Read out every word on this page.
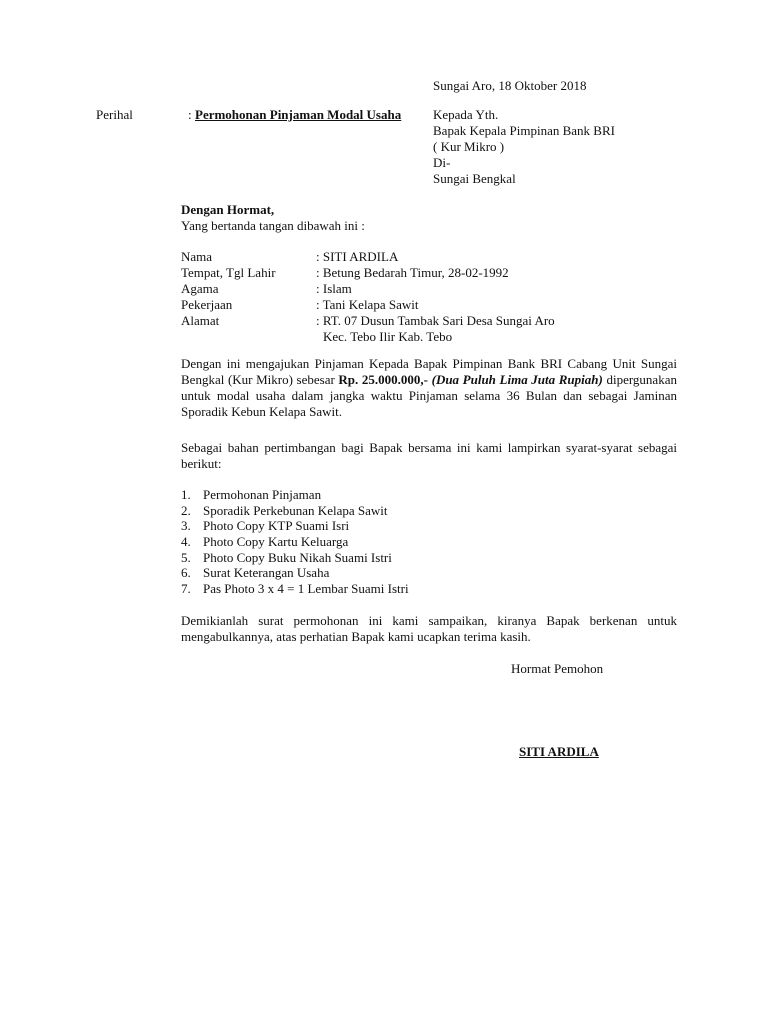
Sungai Aro, 18 Oktober 2018
Perihal	: Permohonan Pinjaman Modal Usaha Kepada Yth.
Bapak Kepala Pimpinan Bank BRI
( Kur Mikro )
Di-
Sungai Bengkal
Dengan Hormat,
Yang bertanda tangan dibawah ini :
Nama
Tempat, Tgl Lahir
Agama
Pekerjaan
Alamat
: SITI ARDILA
: Betung Bedarah Timur, 28-02-1992
: Islam
: Tani Kelapa Sawit
: RT. 07 Dusun Tambak Sari Desa Sungai Aro
Kec. Tebo Ilir Kab. Tebo
Dengan ini mengajukan Pinjaman Kepada Bapak Pimpinan Bank BRI Cabang Unit Sungai Bengkal (Kur Mikro) sebesar Rp. 25.000.000,- (Dua Puluh Lima Juta Rupiah) dipergunakan untuk modal usaha dalam jangka waktu Pinjaman selama 36 Bulan dan sebagai Jaminan Sporadik Kebun Kelapa Sawit.
Sebagai bahan pertimbangan bagi Bapak bersama ini kami lampirkan syarat-syarat sebagai berikut:
1. Permohonan Pinjaman
2. Sporadik Perkebunan Kelapa Sawit
3. Photo Copy KTP Suami Isri
4. Photo Copy Kartu Keluarga
5. Photo Copy Buku Nikah Suami Istri
6. Surat Keterangan Usaha
7. Pas Photo 3 x 4 = 1 Lembar Suami Istri
Demikianlah surat permohonan ini kami sampaikan, kiranya Bapak berkenan untuk mengabulkannya, atas perhatian Bapak kami ucapkan terima kasih.
Hormat Pemohon
SITI ARDILA
